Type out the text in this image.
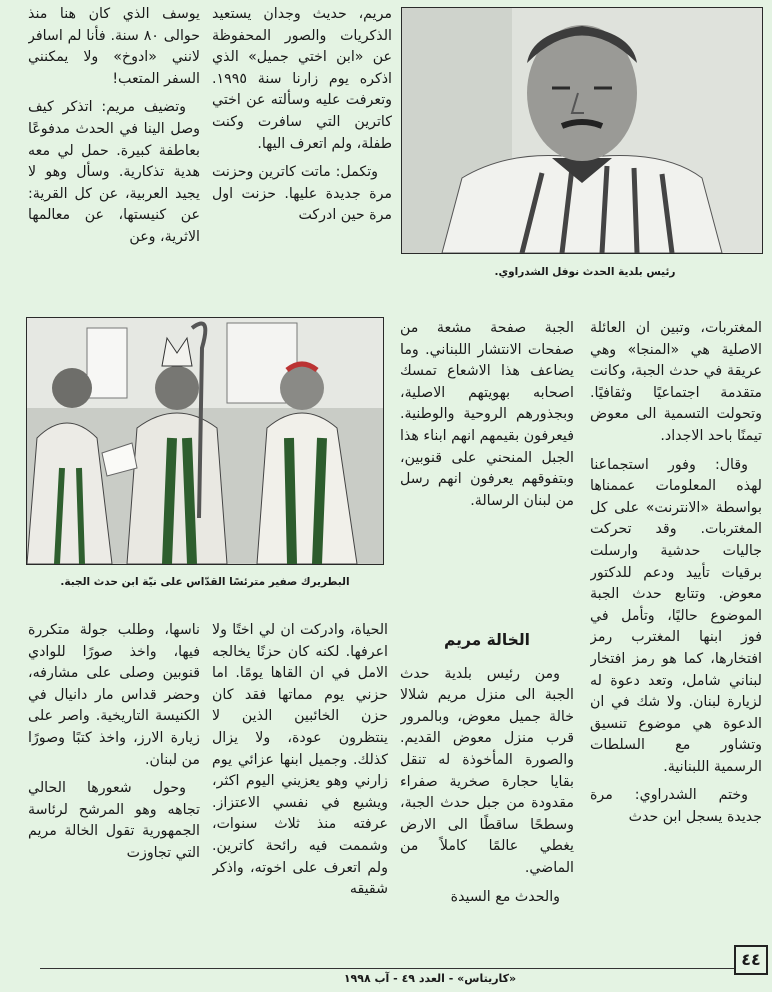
رئيس بلدية الحدث نوفل الشدراوي.
البطريرك صفير مترئسًا القدّاس على نيّة ابن حدث الجبة.

مريم، حديث وجدان يستعيد الذكريات والصور المحفوظة عن «ابن اختي جميل» الذي اذكره يوم زارنا سنة ١٩٩٥. وتعرفت عليه وسألته عن اختي كاترين التي سافرت وكنت طفلة، ولم اتعرف اليها.

وتكمل: ماتت كاترين وحزنت مرة جديدة عليها. حزنت اول مرة حين ادركت

يوسف الذي كان هنا منذ حوالى ٨٠ سنة. فأنا لم اسافر لانني «ادوخ» ولا يمكنني السفر المتعب!

وتضيف مريم: اتذكر كيف وصل الينا في الحدث مدفوعًا بعاطفة كبيرة. حمل لي معه هدية تذكارية. وسأل وهو لا يجيد العربية، عن كل القرية: عن كنيستها، عن معالمها الاثرية، وعن

المغتربات، وتبين ان العائلة الاصلية هي «المنجا» وهي عريقة في حدث الجبة، وكانت متقدمة اجتماعيًا وثقافيًا. وتحولت التسمية الى معوض تيمنًا باحد الاجداد.

وقال: وفور استجماعنا لهذه المعلومات عممناها بواسطة «الانترنت» على كل المغتربات. وقد تحركت جاليات حدشية وارسلت برقيات تأييد ودعم للدكتور معوض. وتتابع حدث الجبة الموضوع حاليًا، وتأمل في فوز ابنها المغترب رمز افتخارها، كما هو رمز افتخار لبناني شامل، وتعد دعوة له لزيارة لبنان. ولا شك في ان الدعوة هي موضوع تنسيق وتشاور مع السلطات الرسمية اللبنانية.

وختم الشدراوي: مرة جديدة يسجل ابن حدث

الجبة صفحة مشعة من صفحات الانتشار اللبناني. وما يضاعف هذا الاشعاع تمسك اصحابه بهويتهم الاصلية، وبجذورهم الروحية والوطنية. فيعرفون بقيمهم انهم ابناء هذا الجبل المنحني على قنوبين، وبتفوقهم يعرفون انهم رسل من لبنان الرسالة.

الخالة مريم

ومن رئيس بلدية حدث الجبة الى منزل مريم شلالا خالة جميل معوض، وبالمرور قرب منزل معوض القديم. والصورة المأخوذة له تنقل بقايا حجارة صخرية صفراء مقدودة من جبل حدث الجبة، وسطحًا ساقطًا الى الارض يغطي عالمًا كاملاً من الماضي.

والحدث مع السيدة

الحياة، وادركت ان لي اختًا ولا اعرفها. لكنه كان حزنًا يخالجه الامل في ان القاها يومًا. اما حزني يوم مماتها فقد كان حزن الخائبين الذين لا ينتظرون عودة، ولا يزال كذلك. وجميل ابنها عزائي يوم زارني وهو يعزيني اليوم اكثر، ويشيع في نفسي الاعتزاز. عرفته منذ ثلاث سنوات، وشممت فيه رائحة كاترين. ولم اتعرف على اخوته، واذكر شقيقه

ناسها، وطلب جولة متكررة فيها، واخذ صورًا للوادي قنوبين وصلى على مشارفه، وحضر قداس مار دانيال في الكنيسة التاريخية. واصر على زيارة الارز، واخذ كتبًا وصورًا من لبنان.

وحول شعورها الحالي تجاهه وهو المرشح لرئاسة الجمهورية تقول الخالة مريم التي تجاوزت

٤٤
«كاريتاس» - العدد ٤٩ - آب ١٩٩٨
